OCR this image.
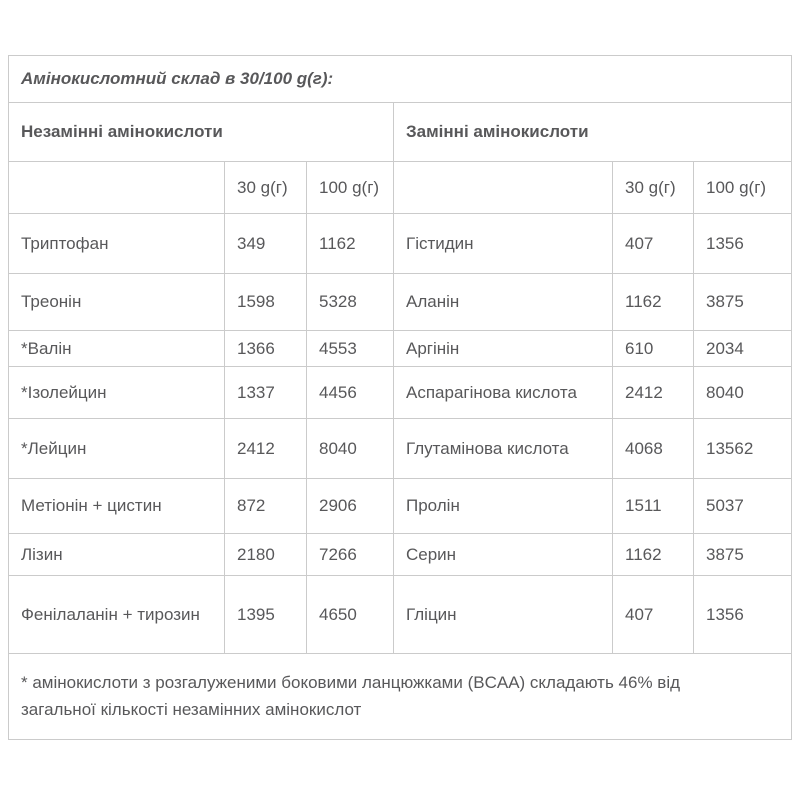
Амінокислотний склад в 30/100 g(г):					
Незамінні амінокислоти			Замінні амінокислоти		
	30 g(г)	100 g(г)		30 g(г)	100 g(г)
Триптофан	349	1162	Гістидин	407	1356
Треонін	1598	5328	Аланін	1162	3875
*Валін	1366	4553	Аргінін	610	2034
*Ізолейцин	1337	4456	Аспарагінова кислота	2412	8040
*Лейцин	2412	8040	Глутамінова кислота	4068	13562
Метіонін + цистин	872	2906	Пролін	1511	5037
Лізин	2180	7266	Серин	1162	3875
Фенілаланін + тирозин	1395	4650	Гліцин	407	1356

* амінокислоти з розгалуженими боковими ланцюжками (BCAA) складають 46% від загальної кількості незамінних амінокислот					
